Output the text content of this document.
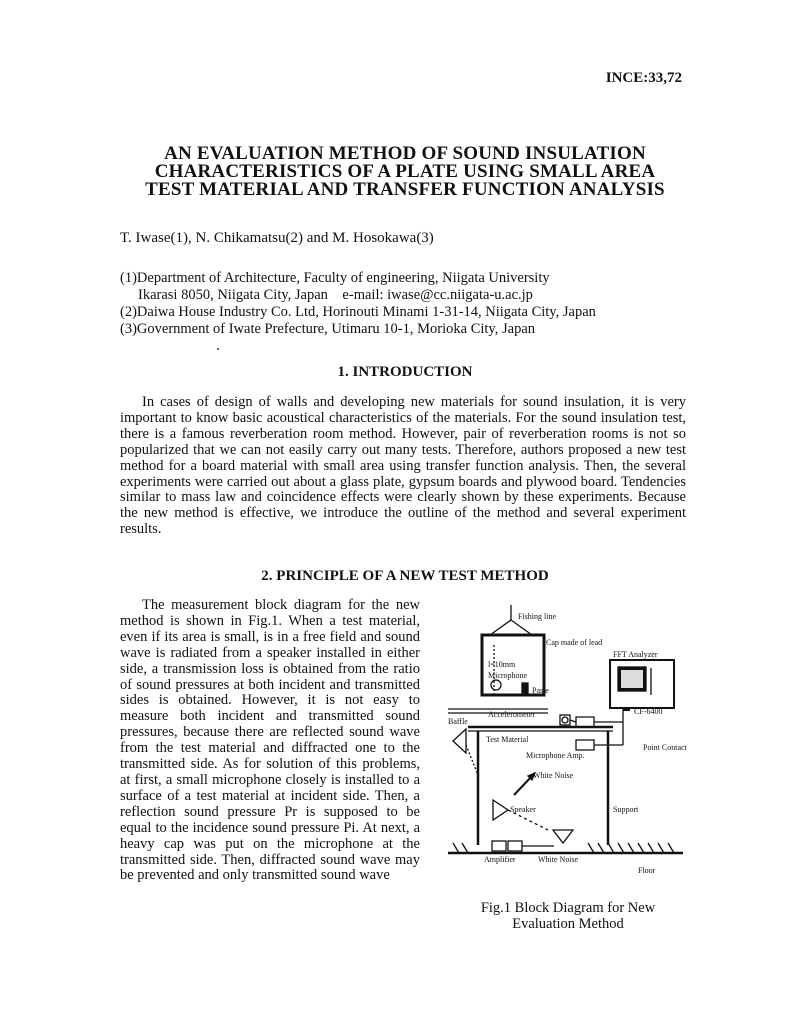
INCE:33,72
AN EVALUATION METHOD OF SOUND INSULATION
CHARACTERISTICS OF A PLATE USING SMALL AREA
TEST MATERIAL AND TRANSFER FUNCTION ANALYSIS
T. Iwase(1), N. Chikamatsu(2) and M. Hosokawa(3)
(1)Department of Architecture, Faculty of engineering, Niigata University
Ikarasi 8050, Niigata City, Japan    e-mail: iwase@cc.niigata-u.ac.jp
(2)Daiwa House Industry Co. Ltd, Horinouti Minami 1-31-14, Niigata City, Japan
(3)Government of Iwate Prefecture, Utimaru 10-1, Morioka City, Japan
1. INTRODUCTION

In cases of design of walls and developing new materials for sound insulation, it is very important to know basic acoustical characteristics of the materials. For the sound insulation test, there is a famous reverberation room method. However, pair of reverberation rooms is not so popularized that we can not easily carry out many tests. Therefore, authors proposed a new test method for a board material with small area using transfer function analysis. Then, the several experiments were carried out about a glass plate, gypsum boards and plywood board. Tendencies similar to mass law and coincidence effects were clearly shown by these experiments. Because the new method is effective, we introduce the outline of the method and several experiment results.

2. PRINCIPLE OF A NEW TEST METHOD

The measurement block diagram for the new method is shown in Fig.1. When a test material, even if its area is small, is in a free field and sound wave is radiated from a speaker installed in either side, a transmission loss is obtained from the ratio of sound pressures at both incident and transmitted sides is obtained. However, it is not easy to measure both incident and transmitted sound pressures, because there are reflected sound wave from the test material and diffracted one to the transmitted side. As for solution of this problems, at first, a small microphone closely is installed to a surface of a test material at incident side. Then, a reflection sound pressure Pr is supposed to be equal to the incidence sound pressure Pi. At next, a heavy cap was put on the microphone at the transmitted side. Then, diffracted sound wave may be prevented and only transmitted sound wave

Fishing line
Cap made of lead
FFT Analyzer
l=10mm
Microphone
Paste
Accelerometer	CF-6400
Baffle
Test Material
Microphone Amp.
Point Contact
White Noise
Speaker	Support
Amplifier	White Noise
Floor
Fig.1 Block Diagram for New
Evaluation Method
